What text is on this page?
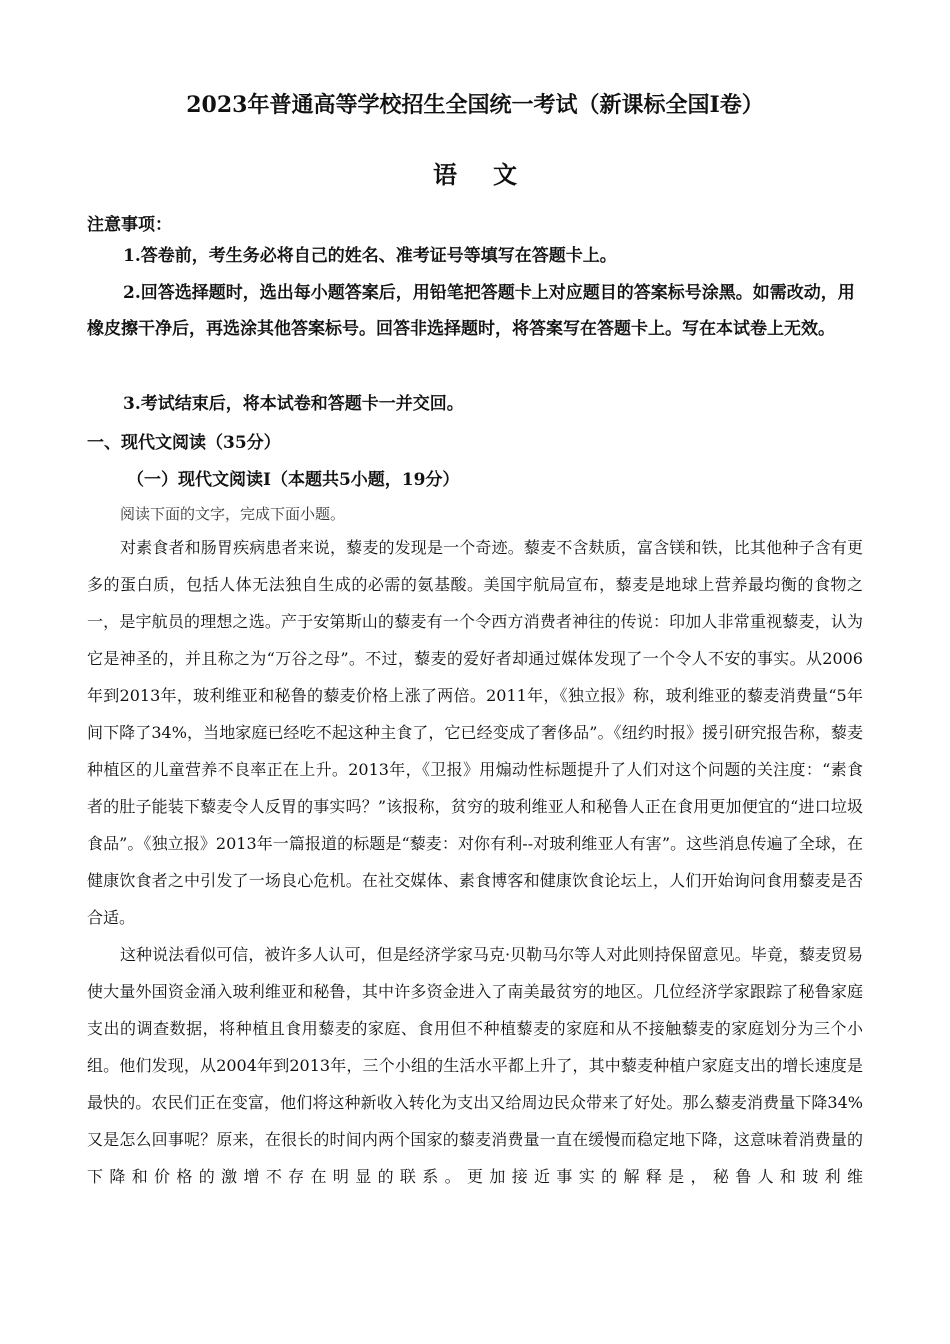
2023年普通高等学校招生全国统一考试（新课标全国Ⅰ卷）
语文
注意事项：
1.答卷前，考生务必将自己的姓名、准考证号等填写在答题卡上。
2.回答选择题时，选出每小题答案后，用铅笔把答题卡上对应题目的答案标号涂黑。如需改动，用橡皮擦干净后，再选涂其他答案标号。回答非选择题时，将答案写在答题卡上。写在本试卷上无效。
3.考试结束后，将本试卷和答题卡一并交回。
一、现代文阅读（35分）
（一）现代文阅读Ⅰ（本题共5小题，19分）
阅读下面的文字，完成下面小题。
对素食者和肠胃疾病患者来说，藜麦的发现是一个奇迹。藜麦不含麸质，富含镁和铁，比其他种子含有更多的蛋白质，包括人体无法独自生成的必需的氨基酸。美国宇航局宣布，藜麦是地球上营养最均衡的食物之一，是宇航员的理想之选。产于安第斯山的藜麦有一个令西方消费者神往的传说：印加人非常重视藜麦，认为它是神圣的，并且称之为“万谷之母”。不过，藜麦的爱好者却通过媒体发现了一个令人不安的事实。从2006年到2013年，玻利维亚和秘鲁的藜麦价格上涨了两倍。2011年，《独立报》称，玻利维亚的藜麦消费量“5年间下降了34%，当地家庭已经吃不起这种主食了，它已经变成了奢侈品”。《纽约时报》援引研究报告称，藜麦种植区的儿童营养不良率正在上升。2013年，《卫报》用煽动性标题提升了人们对这个问题的关注度：“素食者的肚子能装下藜麦令人反胃的事实吗？”该报称，贫穷的玻利维亚人和秘鲁人正在食用更加便宜的“进口垃圾食品”。《独立报》2013年一篇报道的标题是“藜麦：对你有利--对玻利维亚人有害”。这些消息传遍了全球，在健康饮食者之中引发了一场良心危机。在社交媒体、素食博客和健康饮食论坛上，人们开始询问食用藜麦是否合适。
这种说法看似可信，被许多人认可，但是经济学家马克·贝勒马尔等人对此则持保留意见。毕竟，藜麦贸易使大量外国资金涌入玻利维亚和秘鲁，其中许多资金进入了南美最贫穷的地区。几位经济学家跟踪了秘鲁家庭支出的调查数据，将种植且食用藜麦的家庭、食用但不种植藜麦的家庭和从不接触藜麦的家庭划分为三个小组。他们发现，从2004年到2013年，三个小组的生活水平都上升了，其中藜麦种植户家庭支出的增长速度是最快的。农民们正在变富，他们将这种新收入转化为支出又给周边民众带来了好处。那么藜麦消费量下降34%又是怎么回事呢？原来，在很长的时间内两个国家的藜麦消费量一直在缓慢而稳定地下降，这意味着消费量的下降和价格的激增不存在明显的联系。更加接近事实的解释是，秘鲁人和玻利维
